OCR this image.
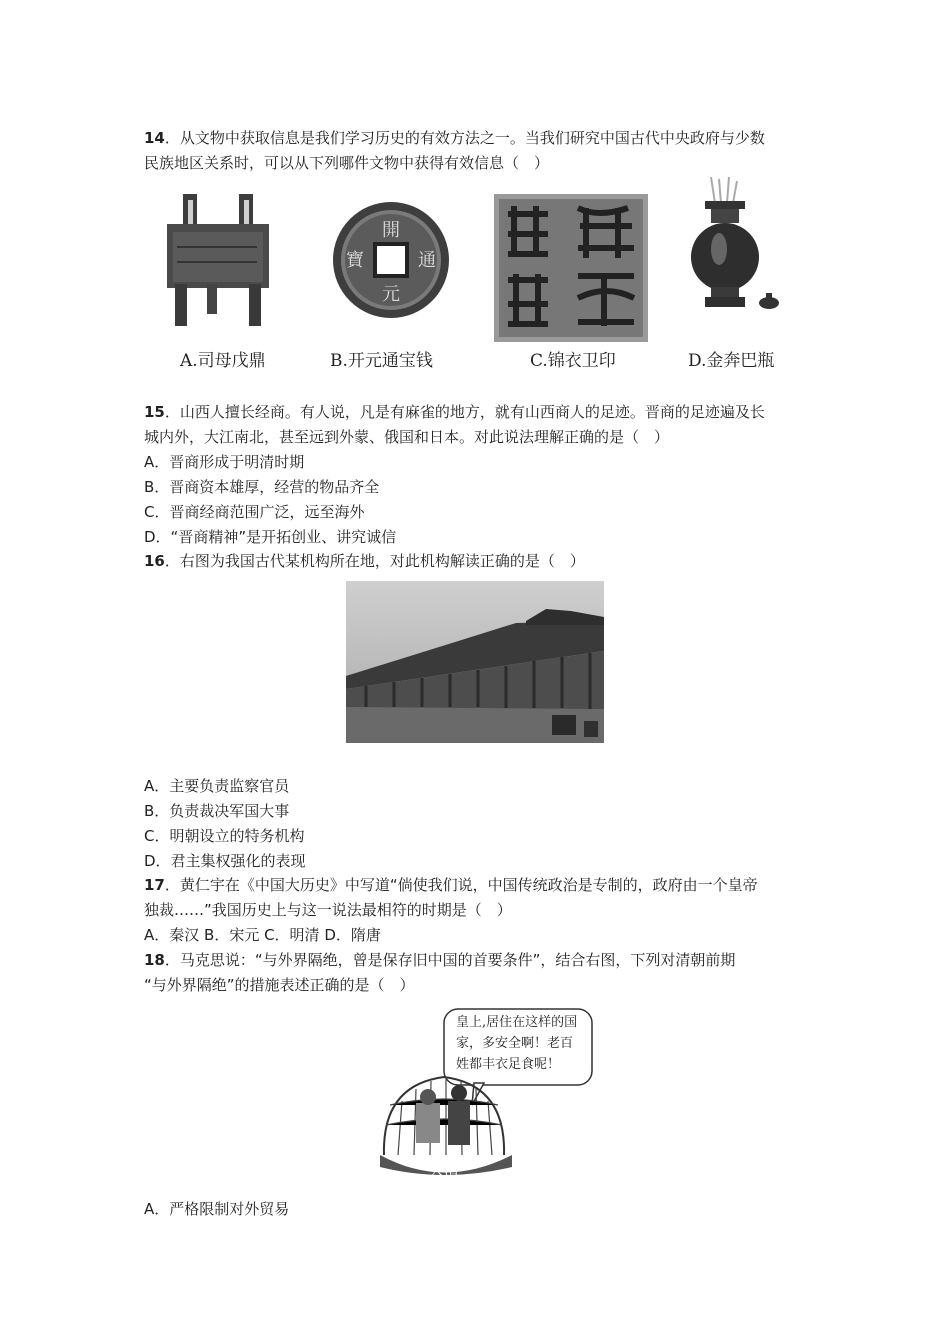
14．从文物中获取信息是我们学习历史的有效方法之一。当我们研究中国古代中央政府与少数
民族地区关系时，可以从下列哪件文物中获得有效信息（　）
開
元
通
寶
A.司母戊鼎	B.开元通宝钱	C.锦衣卫印	D.金奔巴瓶
15．山西人擅长经商。有人说，凡是有麻雀的地方，就有山西商人的足迹。晋商的足迹遍及长
城内外，大江南北，甚至远到外蒙、俄国和日本。对此说法理解正确的是（　）
A．晋商形成于明清时期
B．晋商资本雄厚，经营的物品齐全
C．晋商经商范围广泛，远至海外
D．“晋商精神”是开拓创业、讲究诚信
16．右图为我国古代某机构所在地，对此机构解读正确的是（　）
A．主要负责监察官员
B．负责裁决军国大事
C．明朝设立的特务机构
D．君主集权强化的表现
17．黄仁宇在《中国大历史》中写道“倘使我们说，中国传统政治是专制的，政府由一个皇帝
独裁……”我国历史上与这一说法最相符的时期是（　）
A．秦汉 B．宋元 C．明清 D．隋唐
18．马克思说：“与外界隔绝，曾是保存旧中国的首要条件”，结合右图，下列对清朝前期
“与外界隔绝”的措施表述正确的是（　）
大清
皇上,居住在这样的国
家，多安全啊！老百
姓都丰衣足食呢！
A．严格限制对外贸易
